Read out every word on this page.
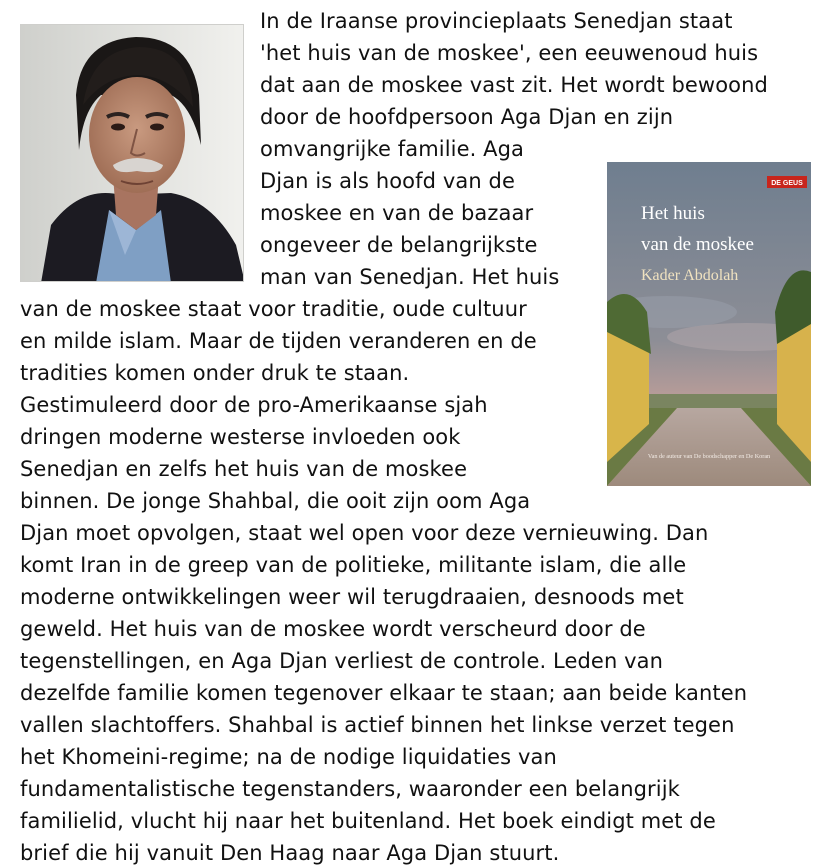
DE GEUS
Het huis
van de moskee
Kader Abdolah
Van de auteur van De boodschapper en De Koran

In de Iraanse provincieplaats Senedjan staat

'het huis van de moskee', een eeuwenoud huis

dat aan de moskee vast zit. Het wordt bewoond

door de hoofdpersoon Aga Djan en zijn

omvangrijke familie. Aga

Djan is als hoofd van de

moskee en van de bazaar

ongeveer de belangrijkste

man van Senedjan. Het huis

van de moskee staat voor traditie, oude cultuur

en milde islam. Maar de tijden veranderen en de

tradities komen onder druk te staan.

Gestimuleerd door de pro-Amerikaanse sjah

dringen moderne westerse invloeden ook

Senedjan en zelfs het huis van de moskee

binnen. De jonge Shahbal, die ooit zijn oom Aga

Djan moet opvolgen, staat wel open voor deze vernieuwing. Dan

komt Iran in de greep van de politieke, militante islam, die alle

moderne ontwikkelingen weer wil terugdraaien, desnoods met

geweld. Het huis van de moskee wordt verscheurd door de

tegenstellingen, en Aga Djan verliest de controle. Leden van

dezelfde familie komen tegenover elkaar te staan; aan beide kanten

vallen slachtoffers. Shahbal is actief binnen het linkse verzet tegen

het Khomeini-regime; na de nodige liquidaties van

fundamentalistische tegenstanders, waaronder een belangrijk

familielid, vlucht hij naar het buitenland. Het boek eindigt met de

brief die hij vanuit Den Haag naar Aga Djan stuurt.
